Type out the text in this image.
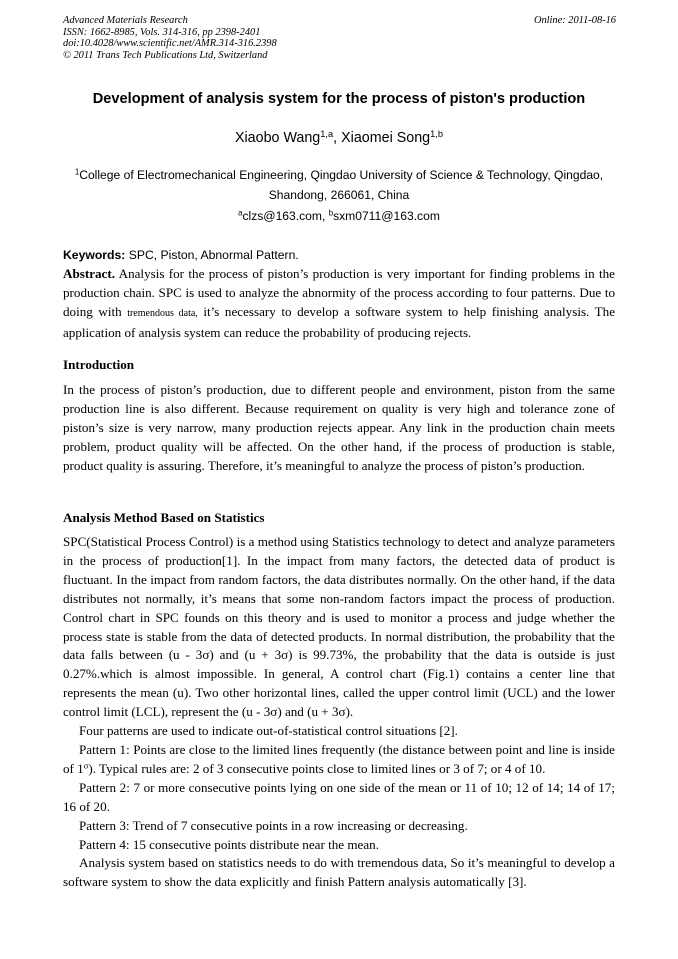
Advanced Materials Research
ISSN: 1662-8985, Vols. 314-316, pp 2398-2401
doi:10.4028/www.scientific.net/AMR.314-316.2398
© 2011 Trans Tech Publications Ltd, Switzerland
Online: 2011-08-16
Development of analysis system for the process of piston's production
Xiaobo Wang$^{1,a}$, Xiaomei Song$^{1,b}$
$^1$College of Electromechanical Engineering, Qingdao University of Science & Technology, Qingdao, Shandong, 266061, China
$^a$clzs@163.com, $^b$sxm0711@163.com
Keywords: SPC, Piston, Abnormal Pattern.

Abstract. Analysis for the process of piston’s production is very important for finding problems in the production chain. SPC is used to analyze the abnormity of the process according to four patterns. Due to doing with tremendous data, it’s necessary to develop a software system to help finishing analysis. The application of analysis system can reduce the probability of producing rejects.

Introduction

In the process of piston’s production, due to different people and environment, piston from the same production line is also different. Because requirement on quality is very high and tolerance zone of piston’s size is very narrow, many production rejects appear. Any link in the production chain meets problem, product quality will be affected. On the other hand, if the process of production is stable, product quality is assuring. Therefore, it’s meaningful to analyze the process of piston’s production.

Analysis Method Based on Statistics

SPC(Statistical Process Control) is a method using Statistics technology to detect and analyze parameters in the process of production[1]. In the impact from many factors, the detected data of product is fluctuant. In the impact from random factors, the data distributes normally. On the other hand, if the data distributes not normally, it’s means that some non-random factors impact the process of production. Control chart in SPC founds on this theory and is used to monitor a process and judge whether the process state is stable from the data of detected products. In normal distribution, the probability that the data falls between (u - 3σ) and (u + 3σ) is 99.73%, the probability that the data is outside is just 0.27%.which is almost impossible. In general, A control chart (Fig.1) contains a center line that represents the mean (u). Two other horizontal lines, called the upper control limit (UCL) and the lower control limit (LCL), represent the (u - 3σ) and (u + 3σ).

Four patterns are used to indicate out-of-statistical control situations [2].

Pattern 1: Points are close to the limited lines frequently (the distance between point and line is inside of $1^\sigma$). Typical rules are: 2 of 3 consecutive points close to limited lines or 3 of 7; or 4 of 10.

Pattern 2: 7 or more consecutive points lying on one side of the mean or 11 of 10; 12 of 14; 14 of 17; 16 of 20.

Pattern 3: Trend of 7 consecutive points in a row increasing or decreasing.

Pattern 4: 15 consecutive points distribute near the mean.

Analysis system based on statistics needs to do with tremendous data, So it’s meaningful to develop a software system to show the data explicitly and finish Pattern analysis automatically [3].
